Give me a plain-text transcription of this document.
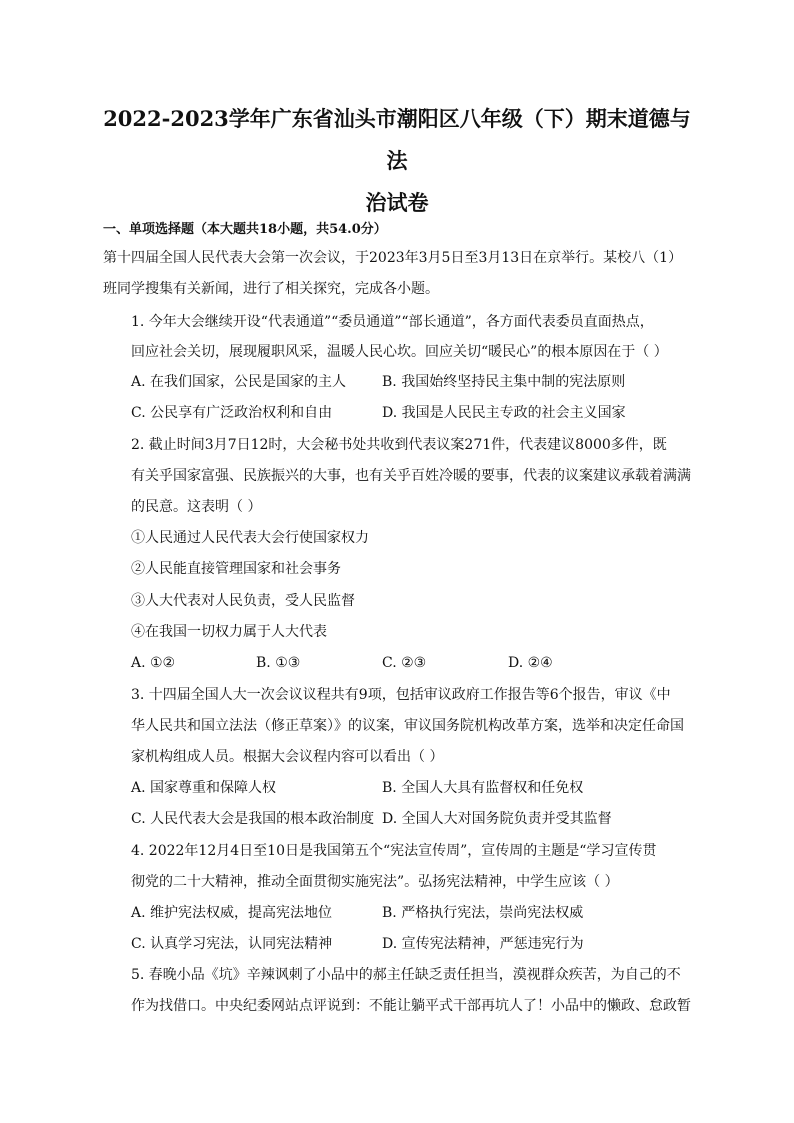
2022-2023学年广东省汕头市潮阳区八年级（下）期末道德与法
治试卷
一、单项选择题（本大题共18小题，共54.0分）
第十四届全国人民代表大会第一次会议，于2023年3月5日至3月13日在京举行。某校八（1）
班同学搜集有关新闻，进行了相关探究，完成各小题。
1. 今年大会继续开设“代表通道”“委员通道”“部长通道”，各方面代表委员直面热点，
回应社会关切，展现履职风采，温暖人民心坎。回应关切“暖民心”的根本原因在于（ ）
A. 在我们国家，公民是国家的主人	B. 我国始终坚持民主集中制的宪法原则
C. 公民享有广泛政治权利和自由	D. 我国是人民民主专政的社会主义国家
2. 截止时间3月7日12时，大会秘书处共收到代表议案271件，代表建议8000多件，既
有关乎国家富强、民族振兴的大事，也有关乎百姓冷暖的要事，代表的议案建议承载着满满
的民意。这表明（ ）
①人民通过人民代表大会行使国家权力
②人民能直接管理国家和社会事务
③人大代表对人民负责，受人民监督
④在我国一切权力属于人大代表
A. ①②	B. ①③	C. ②③	D. ②④
3. 十四届全国人大一次会议议程共有9项，包括审议政府工作报告等6个报告，审议《中
华人民共和国立法法（修正草案）》的议案，审议国务院机构改革方案，选举和决定任命国
家机构组成人员。根据大会议程内容可以看出（ ）
A. 国家尊重和保障人权	B. 全国人大具有监督权和任免权
C. 人民代表大会是我国的根本政治制度 D. 全国人大对国务院负责并受其监督
4. 2022年12月4日至10日是我国第五个“宪法宣传周”，宣传周的主题是“学习宣传贯
彻党的二十大精神，推动全面贯彻实施宪法”。弘扬宪法精神，中学生应该（ ）
A. 维护宪法权威，提高宪法地位	B. 严格执行宪法，崇尚宪法权威
C. 认真学习宪法，认同宪法精神	D. 宣传宪法精神，严惩违宪行为
5. 春晚小品《坑》辛辣讽刺了小品中的郝主任缺乏责任担当，漠视群众疾苦，为自己的不
作为找借口。中央纪委网站点评说到：不能让躺平式干部再坑人了！小品中的懒政、怠政暂
